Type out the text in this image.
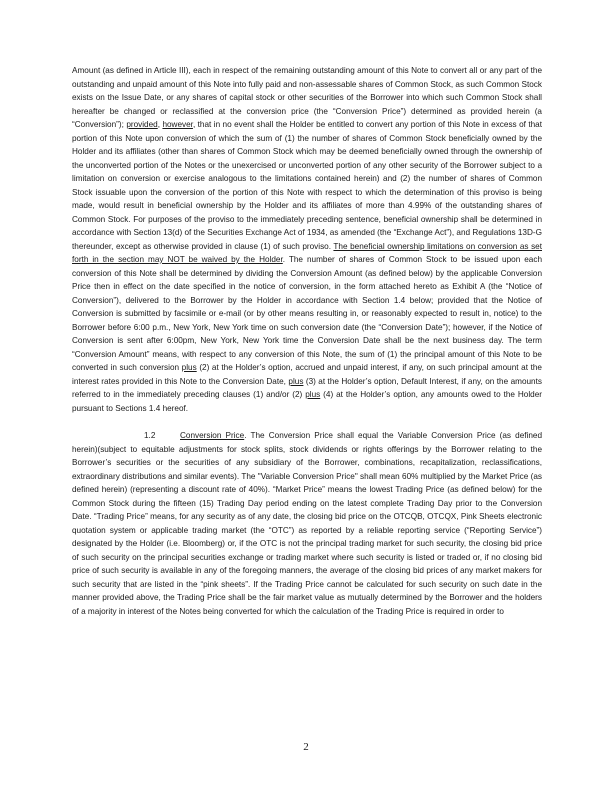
Amount (as defined in Article III), each in respect of the remaining outstanding amount of this Note to convert all or any part of the outstanding and unpaid amount of this Note into fully paid and non-assessable shares of Common Stock, as such Common Stock exists on the Issue Date, or any shares of capital stock or other securities of the Borrower into which such Common Stock shall hereafter be changed or reclassified at the conversion price (the “Conversion Price”) determined as provided herein (a “Conversion”); provided, however, that in no event shall the Holder be entitled to convert any portion of this Note in excess of that portion of this Note upon conversion of which the sum of (1) the number of shares of Common Stock beneficially owned by the Holder and its affiliates (other than shares of Common Stock which may be deemed beneficially owned through the ownership of the unconverted portion of the Notes or the unexercised or unconverted portion of any other security of the Borrower subject to a limitation on conversion or exercise analogous to the limitations contained herein) and (2) the number of shares of Common Stock issuable upon the conversion of the portion of this Note with respect to which the determination of this proviso is being made, would result in beneficial ownership by the Holder and its affiliates of more than 4.99% of the outstanding shares of Common Stock. For purposes of the proviso to the immediately preceding sentence, beneficial ownership shall be determined in accordance with Section 13(d) of the Securities Exchange Act of 1934, as amended (the “Exchange Act”), and Regulations 13D-G thereunder, except as otherwise provided in clause (1) of such proviso. The beneficial ownership limitations on conversion as set forth in the section may NOT be waived by the Holder. The number of shares of Common Stock to be issued upon each conversion of this Note shall be determined by dividing the Conversion Amount (as defined below) by the applicable Conversion Price then in effect on the date specified in the notice of conversion, in the form attached hereto as Exhibit A (the “Notice of Conversion”), delivered to the Borrower by the Holder in accordance with Section 1.4 below; provided that the Notice of Conversion is submitted by facsimile or e-mail (or by other means resulting in, or reasonably expected to result in, notice) to the Borrower before 6:00 p.m., New York, New York time on such conversion date (the “Conversion Date”); however, if the Notice of Conversion is sent after 6:00pm, New York, New York time the Conversion Date shall be the next business day. The term “Conversion Amount” means, with respect to any conversion of this Note, the sum of (1) the principal amount of this Note to be converted in such conversion plus (2) at the Holder’s option, accrued and unpaid interest, if any, on such principal amount at the interest rates provided in this Note to the Conversion Date, plus (3) at the Holder’s option, Default Interest, if any, on the amounts referred to in the immediately preceding clauses (1) and/or (2) plus (4) at the Holder’s option, any amounts owed to the Holder pursuant to Sections 1.4 hereof.

1.2	Conversion Price. The Conversion Price shall equal the Variable Conversion Price (as defined herein)(subject to equitable adjustments for stock splits, stock dividends or rights offerings by the Borrower relating to the Borrower’s securities or the securities of any subsidiary of the Borrower, combinations, recapitalization, reclassifications, extraordinary distributions and similar events). The "Variable Conversion Price" shall mean 60% multiplied by the Market Price (as defined herein) (representing a discount rate of 40%). “Market Price” means the lowest Trading Price (as defined below) for the Common Stock during the fifteen (15) Trading Day period ending on the latest complete Trading Day prior to the Conversion Date. “Trading Price” means, for any security as of any date, the closing bid price on the OTCQB, OTCQX, Pink Sheets electronic quotation system or applicable trading market (the “OTC”) as reported by a reliable reporting service (“Reporting Service”) designated by the Holder (i.e. Bloomberg) or, if the OTC is not the principal trading market for such security, the closing bid price of such security on the principal securities exchange or trading market where such security is listed or traded or, if no closing bid price of such security is available in any of the foregoing manners, the average of the closing bid prices of any market makers for such security that are listed in the “pink sheets”. If the Trading Price cannot be calculated for such security on such date in the manner provided above, the Trading Price shall be the fair market value as mutually determined by the Borrower and the holders of a majority in interest of the Notes being converted for which the calculation of the Trading Price is required in order to

2
